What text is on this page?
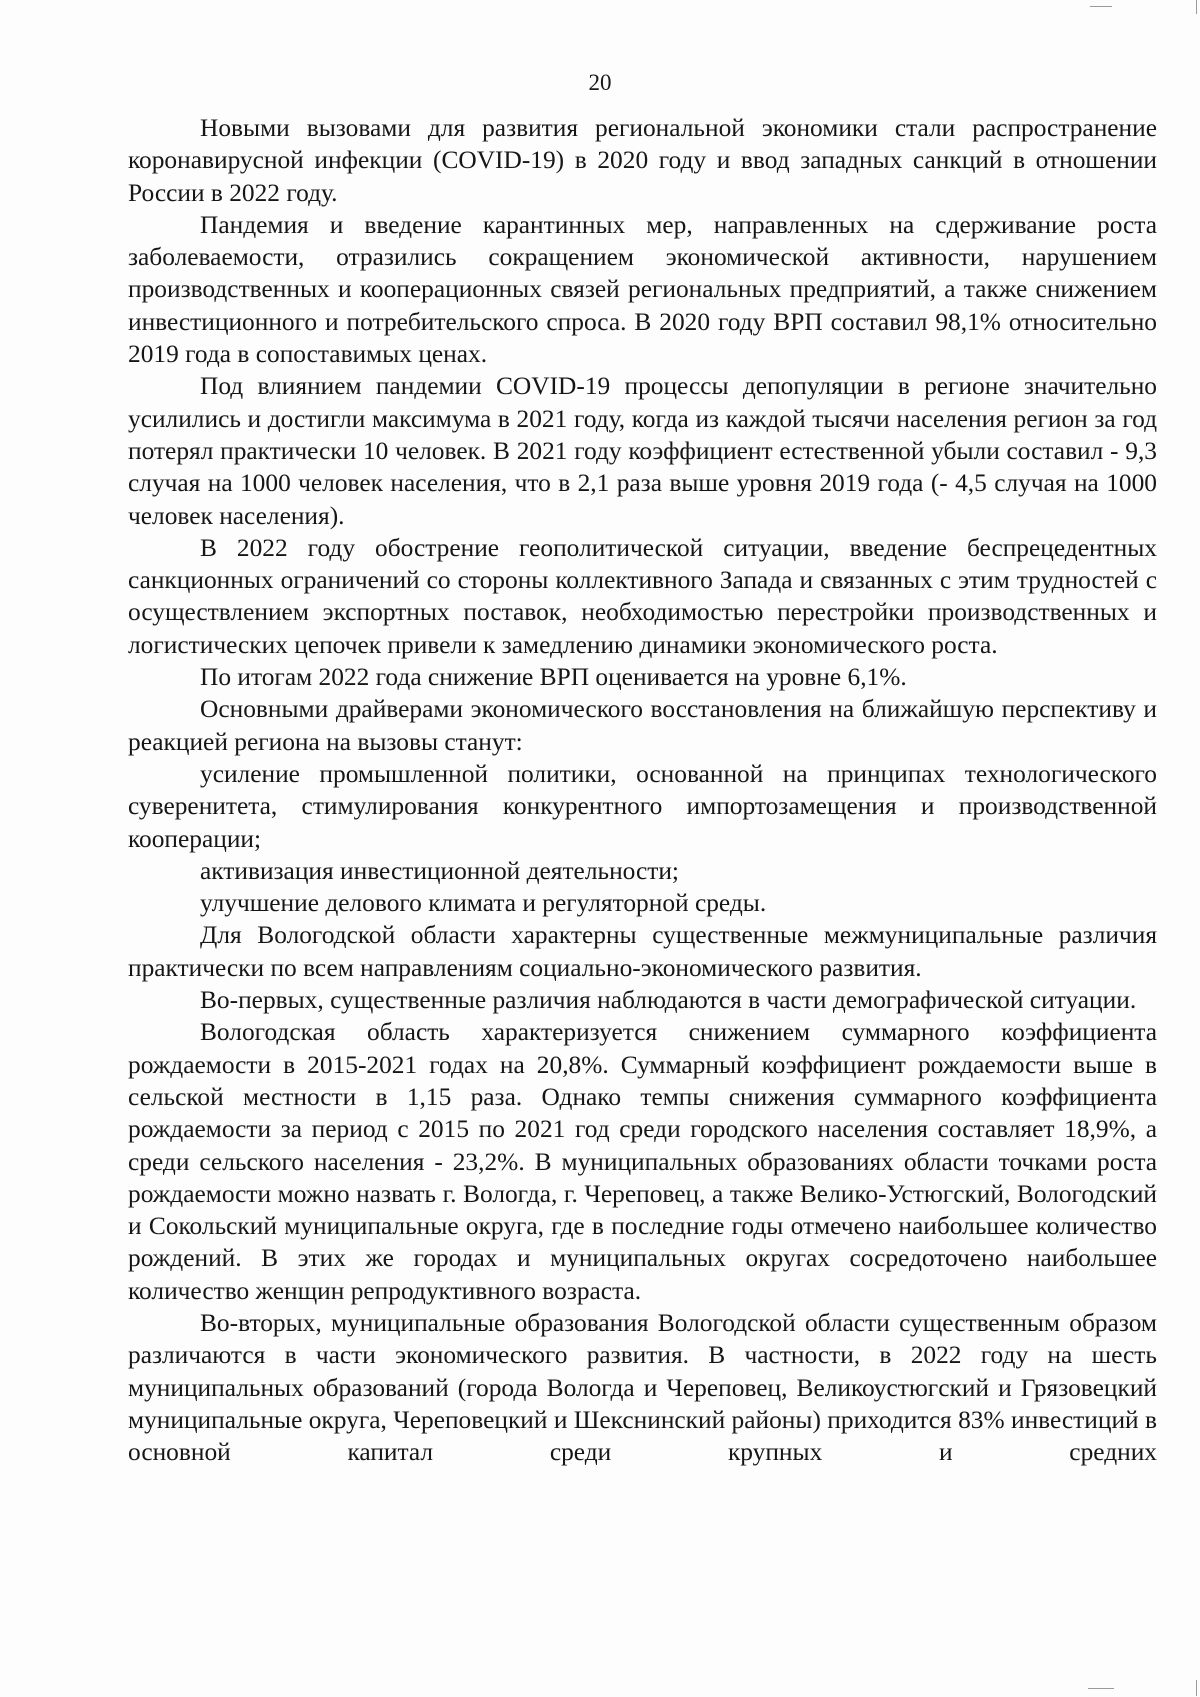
20

Новыми вызовами для развития региональной экономики стали распространение коронавирусной инфекции (COVID-19) в 2020 году и ввод западных санкций в отношении России в 2022 году.

Пандемия и введение карантинных мер, направленных на сдерживание роста заболеваемости, отразились сокращением экономической активности, нарушением производственных и кооперационных связей региональных предприятий, а также снижением инвестиционного и потребительского спроса. В 2020 году ВРП составил 98,1% относительно 2019 года в сопоставимых ценах.

Под влиянием пандемии COVID-19 процессы депопуляции в регионе значительно усилились и достигли максимума в 2021 году, когда из каждой тысячи населения регион за год потерял практически 10 человек. В 2021 году коэффициент естественной убыли составил - 9,3 случая на 1000 человек населения, что в 2,1 раза выше уровня 2019 года (- 4,5 случая на 1000 человек населения).

В 2022 году обострение геополитической ситуации, введение беспрецедентных санкционных ограничений со стороны коллективного Запада и связанных с этим трудностей с осуществлением экспортных поставок, необходимостью перестройки производственных и логистических цепочек привели к замедлению динамики экономического роста.

По итогам 2022 года снижение ВРП оценивается на уровне 6,1%.

Основными драйверами экономического восстановления на ближайшую перспективу и реакцией региона на вызовы станут:

усиление промышленной политики, основанной на принципах технологического суверенитета, стимулирования конкурентного импортозамещения и производственной кооперации;

активизация инвестиционной деятельности;

улучшение делового климата и регуляторной среды.

Для Вологодской области характерны существенные межмуниципальные различия практически по всем направлениям социально-экономического развития.

Во-первых, существенные различия наблюдаются в части демографической ситуации.

Вологодская область характеризуется снижением суммарного коэффициента рождаемости в 2015-2021 годах на 20,8%. Суммарный коэффициент рождаемости выше в сельской местности в 1,15 раза. Однако темпы снижения суммарного коэффициента рождаемости за период с 2015 по 2021 год среди городского населения составляет 18,9%, а среди сельского населения - 23,2%. В муниципальных образованиях области точками роста рождаемости можно назвать г. Вологда, г. Череповец, а также Велико-Устюгский, Вологодский и Сокольский муниципальные округа, где в последние годы отмечено наибольшее количество рождений. В этих же городах и муниципальных округах сосредоточено наибольшее количество женщин репродуктивного возраста.

Во-вторых, муниципальные образования Вологодской области существенным образом различаются в части экономического развития. В частности, в 2022 году на шесть муниципальных образований (города Вологда и Череповец, Великоустюгский и Грязовецкий муниципальные округа, Череповецкий и Шекснинский районы) приходится 83% инвестиций в основной капитал среди крупных и средних
